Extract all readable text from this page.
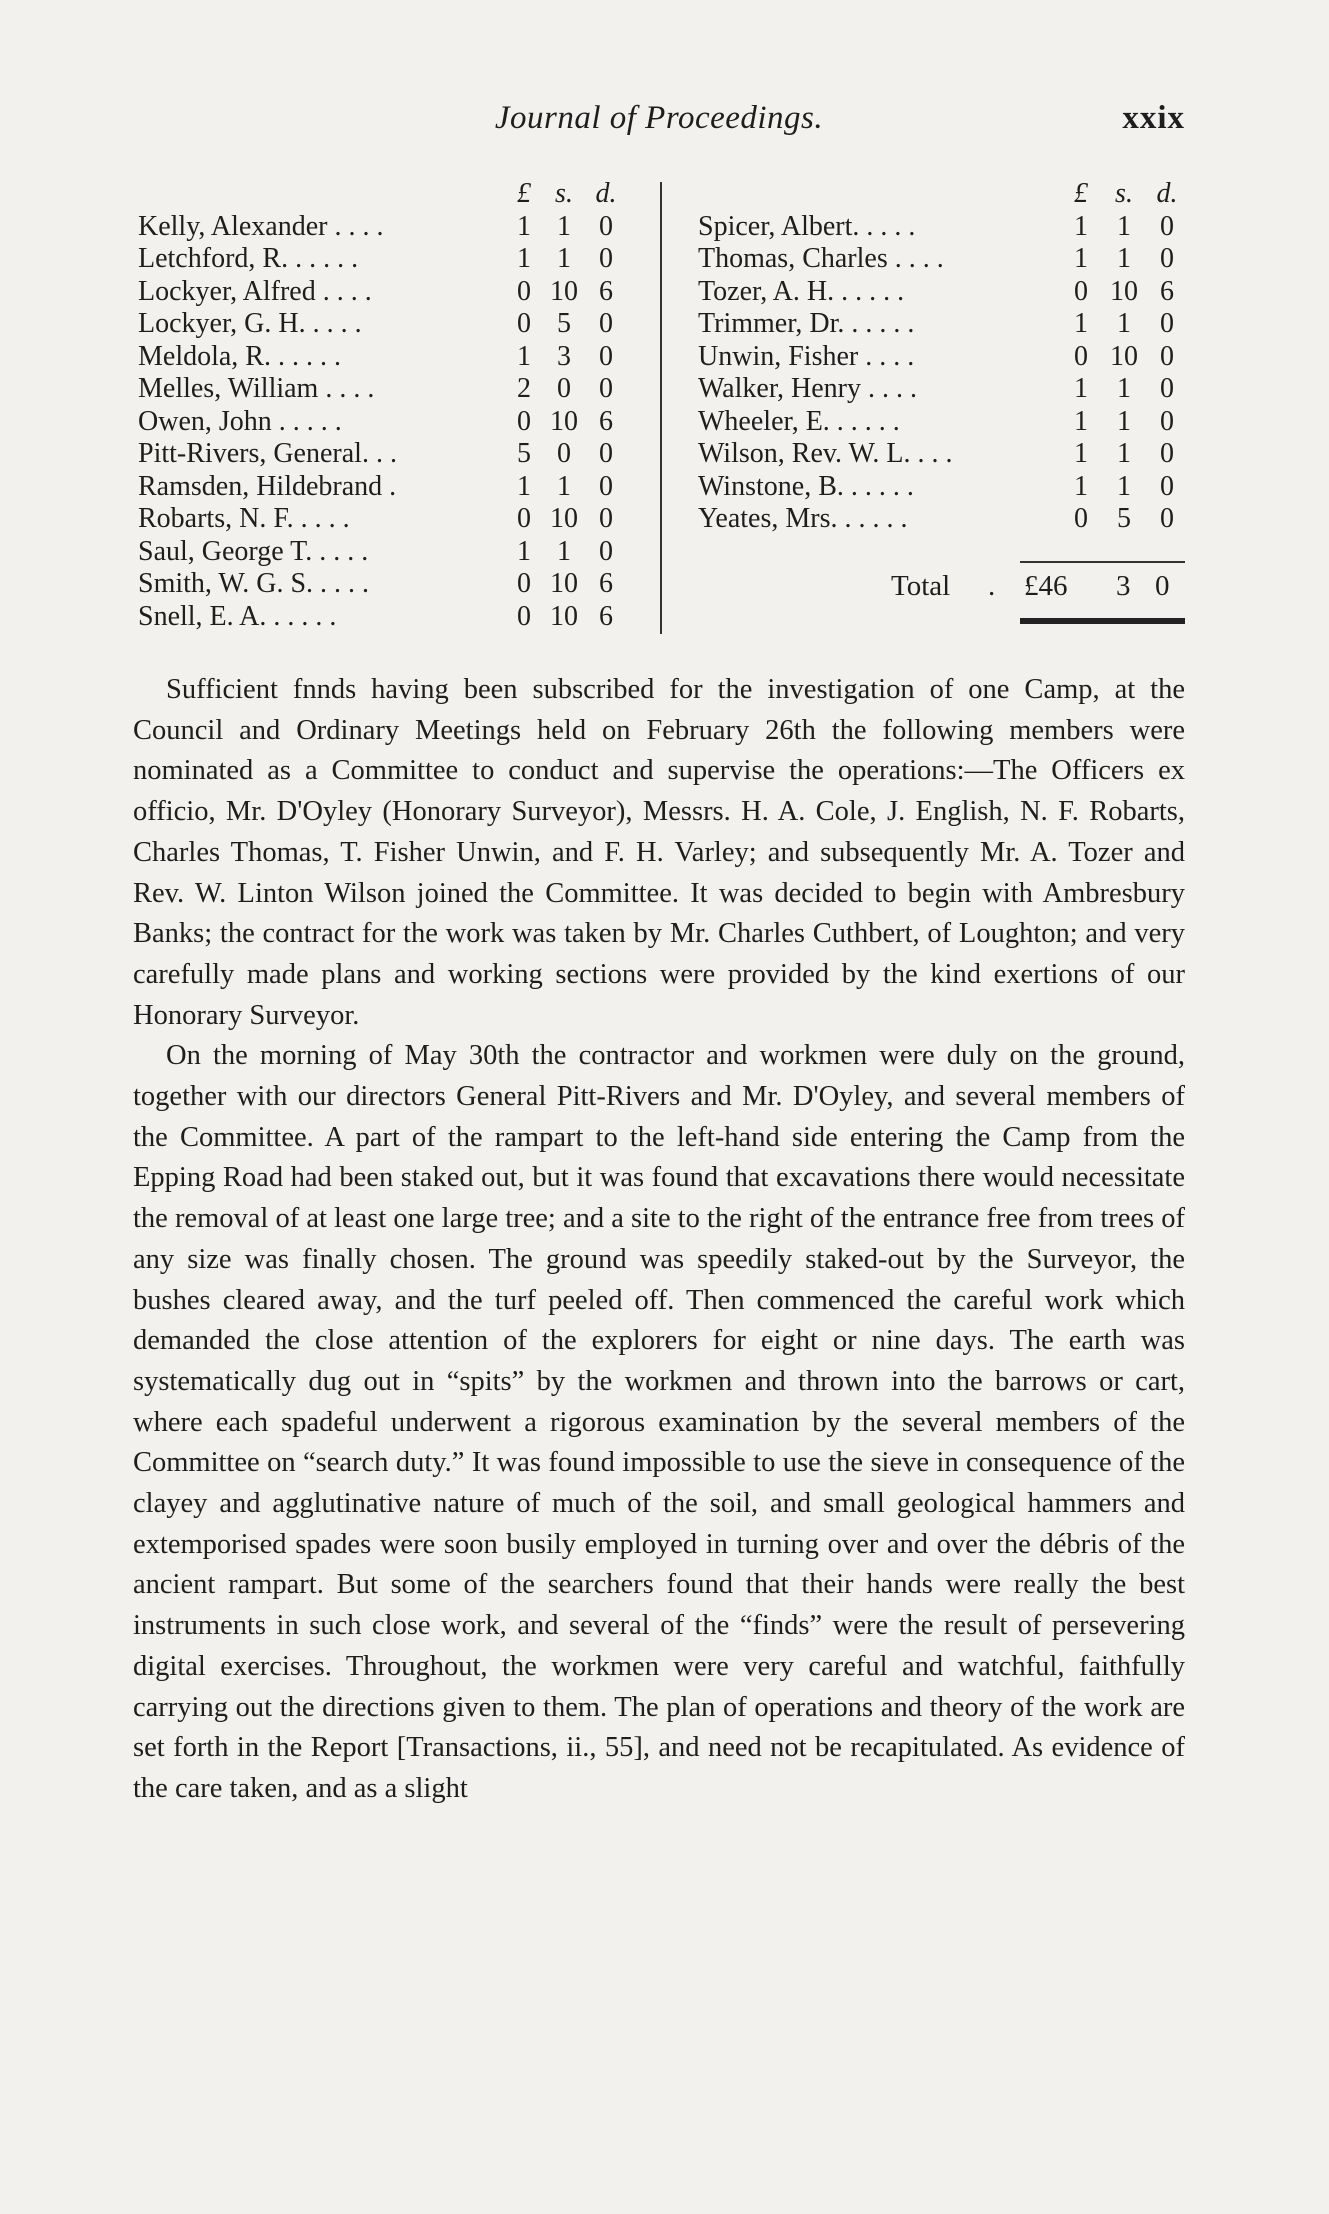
Journal of Proceedings.	xxix
£ s. d.
Kelly, Alexander . . . .	1 1	0
Letchford, R. . . . . .	1 1	0
Lockyer, Alfred . . . .	0 10 6
Lockyer, G. H. . . . .	0 5	0
Meldola, R. . . . . .	1 3	0
Melles, William . . . .	2 0	0
Owen, John . . . . .	0 10 6
Pitt-Rivers, General. . .	5 0	0
Ramsden, Hildebrand .	1 1	0
Robarts, N. F. . . . .	0 10 0
Saul, George T. . . . .	1 1	0
Smith, W. G. S. . . . .	0 10 6
Snell, E. A. . . . . .	0 10 6
£ s. d.
Spicer, Albert. . . . .	1	1	0
Thomas, Charles . . . .	1	1	0
Tozer, A. H. . . . . .	0 10 6
Trimmer, Dr. . . . . .	1	1	0
Unwin, Fisher . . . .	0 10 0
Walker, Henry . . . .	1	1	0
Wheeler, E. . . . . .	1	1	0
Wilson, Rev. W. L. . . .	1	1	0
Winstone, B. . . . . .	1	1	0
Yeates, Mrs. . . . . .	0	5	0
Total . £46 3 0

Sufficient fnnds having been subscribed for the investigation of one Camp, at the Council and Ordinary Meetings held on February 26th the following members were nominated as a Committee to conduct and supervise the operations:—The Officers ex officio, Mr. D'Oyley (Honorary Surveyor), Messrs. H. A. Cole, J. English, N. F. Robarts, Charles Thomas, T. Fisher Unwin, and F. H. Varley; and subsequently Mr. A. Tozer and Rev. W. Linton Wilson joined the Committee. It was decided to begin with Ambresbury Banks; the contract for the work was taken by Mr. Charles Cuthbert, of Loughton; and very carefully made plans and working sections were provided by the kind exertions of our Honorary Surveyor.

On the morning of May 30th the contractor and workmen were duly on the ground, together with our directors General Pitt-Rivers and Mr. D'Oyley, and several members of the Committee. A part of the rampart to the left-hand side entering the Camp from the Epping Road had been staked out, but it was found that excavations there would necessitate the removal of at least one large tree; and a site to the right of the entrance free from trees of any size was finally chosen. The ground was speedily staked-out by the Surveyor, the bushes cleared away, and the turf peeled off. Then commenced the careful work which demanded the close attention of the explorers for eight or nine days. The earth was systematically dug out in “spits” by the workmen and thrown into the barrows or cart, where each spadeful underwent a rigorous examination by the several members of the Committee on “search duty.” It was found impossible to use the sieve in consequence of the clayey and agglutinative nature of much of the soil, and small geological hammers and extemporised spades were soon busily employed in turning over and over the débris of the ancient rampart. But some of the searchers found that their hands were really the best instruments in such close work, and several of the “finds” were the result of persevering digital exercises. Throughout, the workmen were very careful and watchful, faithfully carrying out the directions given to them. The plan of operations and theory of the work are set forth in the Report [Transactions, ii., 55], and need not be recapitulated. As evidence of the care taken, and as a slight
